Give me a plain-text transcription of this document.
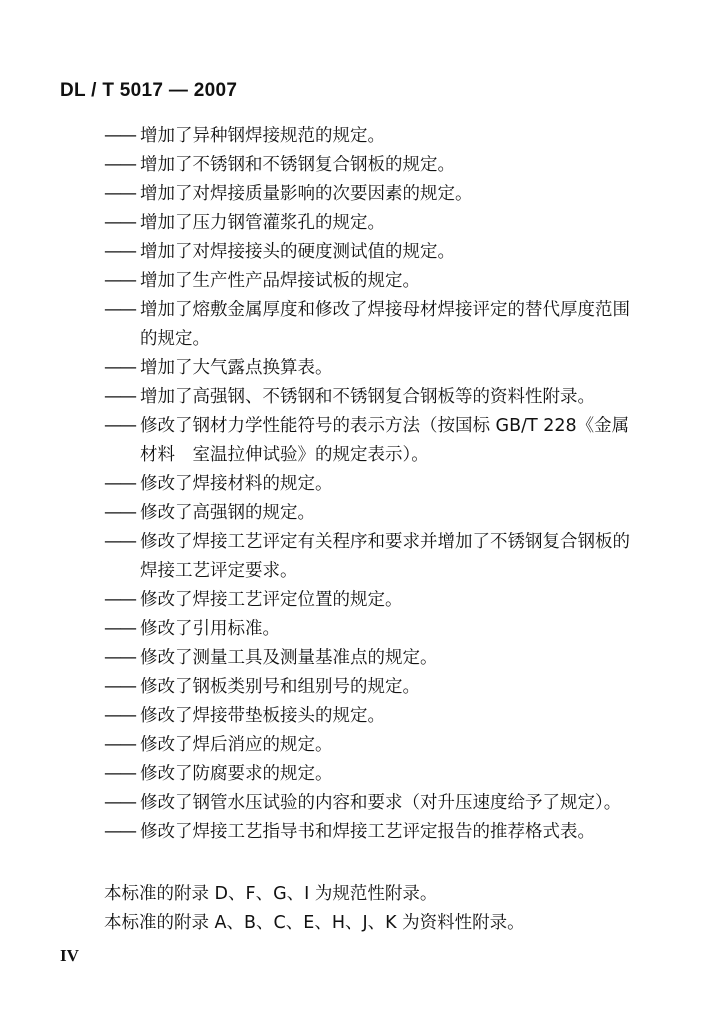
DL / T 5017 — 2007
—— 增加了异种钢焊接规范的规定。
—— 增加了不锈钢和不锈钢复合钢板的规定。
—— 增加了对焊接质量影响的次要因素的规定。
—— 增加了压力钢管灌浆孔的规定。
—— 增加了对焊接接头的硬度测试值的规定。
—— 增加了生产性产品焊接试板的规定。
—— 增加了熔敷金属厚度和修改了焊接母材焊接评定的替代厚度范围的规定。
—— 增加了大气露点换算表。
—— 增加了高强钢、不锈钢和不锈钢复合钢板等的资料性附录。
—— 修改了钢材力学性能符号的表示方法（按国标 GB/T 228《金属材料　室温拉伸试验》的规定表示）。
—— 修改了焊接材料的规定。
—— 修改了高强钢的规定。
—— 修改了焊接工艺评定有关程序和要求并增加了不锈钢复合钢板的焊接工艺评定要求。
—— 修改了焊接工艺评定位置的规定。
—— 修改了引用标准。
—— 修改了测量工具及测量基准点的规定。
—— 修改了钢板类别号和组别号的规定。
—— 修改了焊接带垫板接头的规定。
—— 修改了焊后消应的规定。
—— 修改了防腐要求的规定。
—— 修改了钢管水压试验的内容和要求（对升压速度给予了规定）。
—— 修改了焊接工艺指导书和焊接工艺评定报告的推荐格式表。
本标准的附录 D、F、G、I 为规范性附录。
本标准的附录 A、B、C、E、H、J、K 为资料性附录。
IV
